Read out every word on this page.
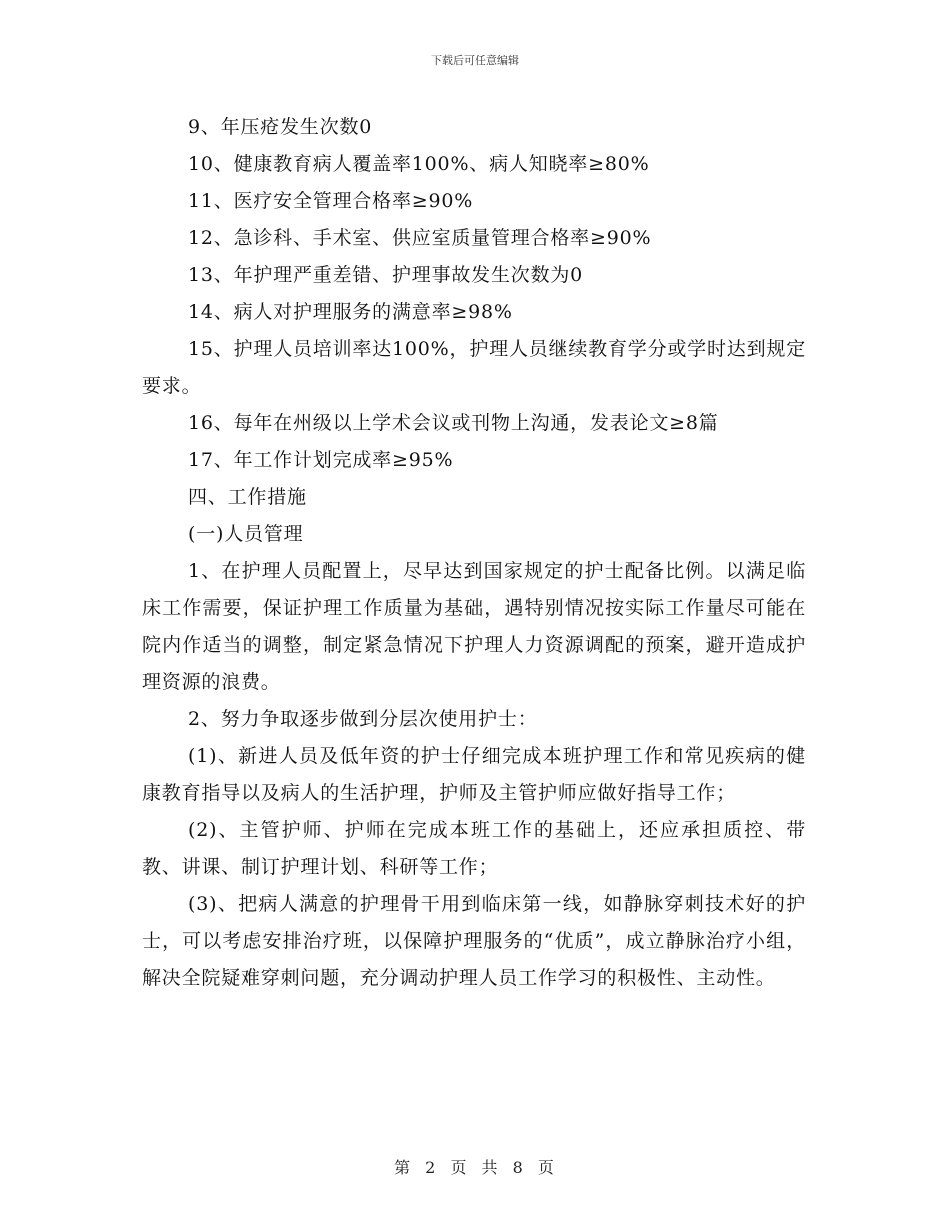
下载后可任意编辑
9、年压疮发生次数0
10、健康教育病人覆盖率100%、病人知晓率≥80%
11、医疗安全管理合格率≥90%
12、急诊科、手术室、供应室质量管理合格率≥90%
13、年护理严重差错、护理事故发生次数为0
14、病人对护理服务的满意率≥98%
15、护理人员培训率达100%，护理人员继续教育学分或学时达到规定要求。
16、每年在州级以上学术会议或刊物上沟通，发表论文≥8篇
17、年工作计划完成率≥95%
四、工作措施
(一)人员管理
1、在护理人员配置上，尽早达到国家规定的护士配备比例。以满足临床工作需要，保证护理工作质量为基础，遇特别情况按实际工作量尽可能在院内作适当的调整，制定紧急情况下护理人力资源调配的预案，避开造成护理资源的浪费。
2、努力争取逐步做到分层次使用护士：
(1)、新进人员及低年资的护士仔细完成本班护理工作和常见疾病的健康教育指导以及病人的生活护理，护师及主管护师应做好指导工作；
(2)、主管护师、护师在完成本班工作的基础上，还应承担质控、带教、讲课、制订护理计划、科研等工作；
(3)、把病人满意的护理骨干用到临床第一线，如静脉穿刺技术好的护士，可以考虑安排治疗班，以保障护理服务的“优质”，成立静脉治疗小组，解决全院疑难穿刺问题，充分调动护理人员工作学习的积极性、主动性。
第 2 页 共 8 页
